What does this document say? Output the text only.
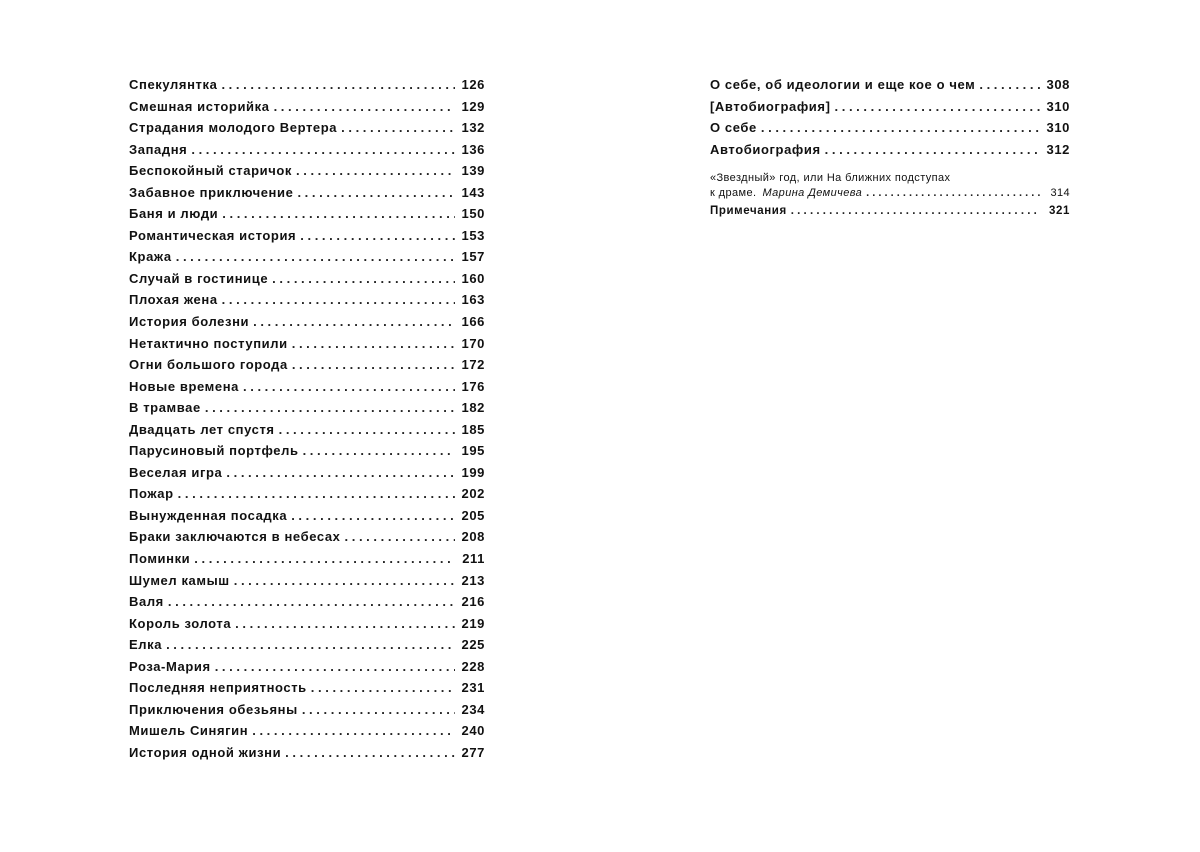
Спекулянтка . . .	126
Смешная историйка . . .	129
Страдания молодого Вертера . . .	132
Западня . . .	136
Беспокойный старичок . . .	139
Забавное приключение . . .	143
Баня и люди . . .	150
Романтическая история . . .	153
Кража . . .	157
Случай в гостинице . . .	160
Плохая жена . . .	163
История болезни . . .	166
Нетактично поступили . . .	170
Огни большого города . . .	172
Новые времена . . .	176
В трамвае . . .	182
Двадцать лет спустя . . .	185
Парусиновый портфель . . .	195
Веселая игра . . .	199
Пожар . . .	202
Вынужденная посадка . . .	205
Браки заключаются в небесах . . .	208
Поминки . . .	211
Шумел камыш . . .	213
Валя . . .	216
Король золота . . .	219
Елка . . .	225
Роза-Мария . . .	228
Последняя неприятность . . .	231
Приключения обезьяны . . .	234
Мишель Синягин . . .	240
История одной жизни . . .	277
О себе, об идеологии и еще кое о чем . . .	308
[Автобиография] . . .	310
О себе . . .	310
Автобиография . . .	312
«Звездный» год, или На ближних подступах
к драме. Марина Демичева . . .	314
Примечания . . .	321
